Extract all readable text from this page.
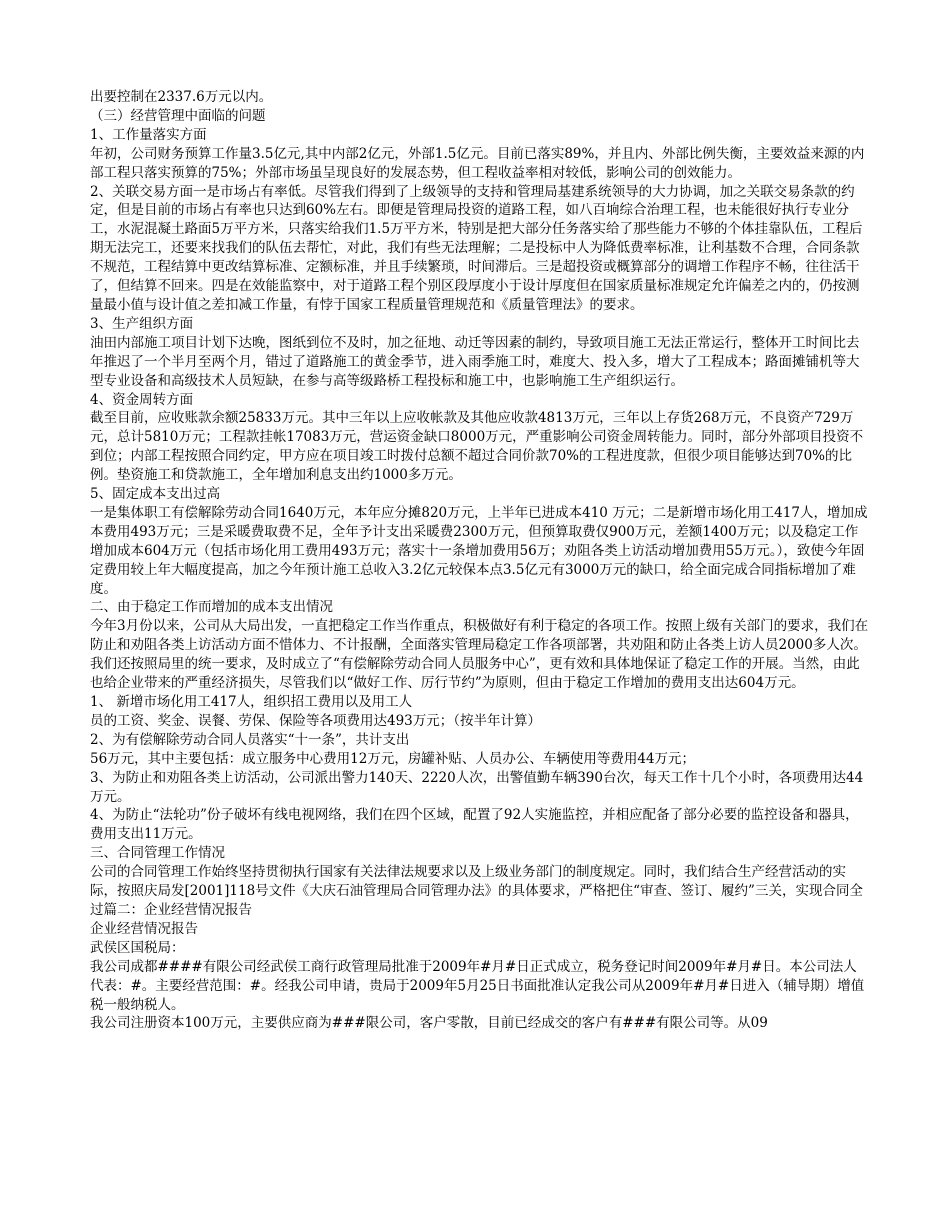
出要控制在2337.6万元以内。

（三）经营管理中面临的问题

1、工作量落实方面

年初，公司财务预算工作量3.5亿元,其中内部2亿元，外部1.5亿元。目前已落实89%，并且内、外部比例失衡，主要效益来源的内部工程只落实预算的75%；外部市场虽呈现良好的发展态势，但工程收益率相对较低，影响公司的创效能力。

2、关联交易方面一是市场占有率低。尽管我们得到了上级领导的支持和管理局基建系统领导的大力协调，加之关联交易条款的约定，但是目前的市场占有率也只达到60%左右。即便是管理局投资的道路工程，如八百垧综合治理工程，也未能很好执行专业分工，水泥混凝土路面5万平方米，只落实给我们1.5万平方米，特别是把大部分任务落实给了那些能力不够的个体挂靠队伍，工程后期无法完工，还要来找我们的队伍去帮忙，对此，我们有些无法理解；二是投标中人为降低费率标准，让利基数不合理，合同条款不规范，工程结算中更改结算标准、定额标准，并且手续繁琐，时间滞后。三是超投资或概算部分的调增工作程序不畅，往往活干了，但结算不回来。四是在效能监察中，对于道路工程个别区段厚度小于设计厚度但在国家质量标准规定允许偏差之内的，仍按测量最小值与设计值之差扣减工作量，有悖于国家工程质量管理规范和《质量管理法》的要求。

3、生产组织方面

油田内部施工项目计划下达晚，图纸到位不及时，加之征地、动迁等因素的制约，导致项目施工无法正常运行，整体开工时间比去年推迟了一个半月至两个月，错过了道路施工的黄金季节，进入雨季施工时，难度大、投入多，增大了工程成本；路面摊铺机等大型专业设备和高级技术人员短缺，在参与高等级路桥工程投标和施工中，也影响施工生产组织运行。

4、资金周转方面

截至目前，应收账款余额25833万元。其中三年以上应收帐款及其他应收款4813万元，三年以上存货268万元，不良资产729万元，总计5810万元；工程款挂帐17083万元，营运资金缺口8000万元，严重影响公司资金周转能力。同时，部分外部项目投资不到位；内部工程按照合同约定，甲方应在项目竣工时拨付总额不超过合同价款70%的工程进度款，但很少项目能够达到70%的比例。垫资施工和贷款施工，全年增加利息支出约1000多万元。

5、固定成本支出过高

一是集体职工有偿解除劳动合同1640万元，本年应分摊820万元，上半年已进成本410 万元；二是新增市场化用工417人，增加成本费用493万元；三是采暖费取费不足，全年予计支出采暖费2300万元，但预算取费仅900万元，差额1400万元；以及稳定工作增加成本604万元（包括市场化用工费用493万元；落实十一条增加费用56万；劝阻各类上访活动增加费用55万元。），致使今年固定费用较上年大幅度提高，加之今年预计施工总收入3.2亿元较保本点3.5亿元有3000万元的缺口，给全面完成合同指标增加了难度。

二、由于稳定工作而增加的成本支出情况

今年3月份以来，公司从大局出发，一直把稳定工作当作重点，积极做好有利于稳定的各项工作。按照上级有关部门的要求，我们在防止和劝阻各类上访活动方面不惜体力、不计报酬，全面落实管理局稳定工作各项部署，共劝阻和防止各类上访人员2000多人次。我们还按照局里的统一要求，及时成立了“有偿解除劳动合同人员服务中心”，更有效和具体地保证了稳定工作的开展。当然，由此也给企业带来的严重经济损失，尽管我们以“做好工作、厉行节约”为原则，但由于稳定工作增加的费用支出达604万元。

1、 新增市场化用工417人，组织招工费用以及用工人

员的工资、奖金、误餐、劳保、保险等各项费用达493万元；（按半年计算）

2、为有偿解除劳动合同人员落实“十一条”，共计支出

56万元，其中主要包括：成立服务中心费用12万元，房罐补贴、人员办公、车辆使用等费用44万元；

3、为防止和劝阻各类上访活动，公司派出警力140天、2220人次，出警值勤车辆390台次，每天工作十几个小时，各项费用达44万元。

4、为防止“法轮功”份子破坏有线电视网络，我们在四个区域，配置了92人实施监控，并相应配备了部分必要的监控设备和器具，费用支出11万元。

三、合同管理工作情况

公司的合同管理工作始终坚持贯彻执行国家有关法律法规要求以及上级业务部门的制度规定。同时，我们结合生产经营活动的实际，按照庆局发[2001]118号文件《大庆石油管理局合同管理办法》的具体要求，严格把住“审查、签订、履约”三关，实现合同全过篇二：企业经营情况报告

企业经营情况报告

武侯区国税局：

我公司成都####有限公司经武侯工商行政管理局批准于2009年#月#日正式成立，税务登记时间2009年#月#日。本公司法人代表：#。主要经营范围：#。经我公司申请，贵局于2009年5月25日书面批准认定我公司从2009年#月#日进入（辅导期）增值税一般纳税人。

我公司注册资本100万元，主要供应商为###限公司，客户零散，目前已经成交的客户有###有限公司等。从09
